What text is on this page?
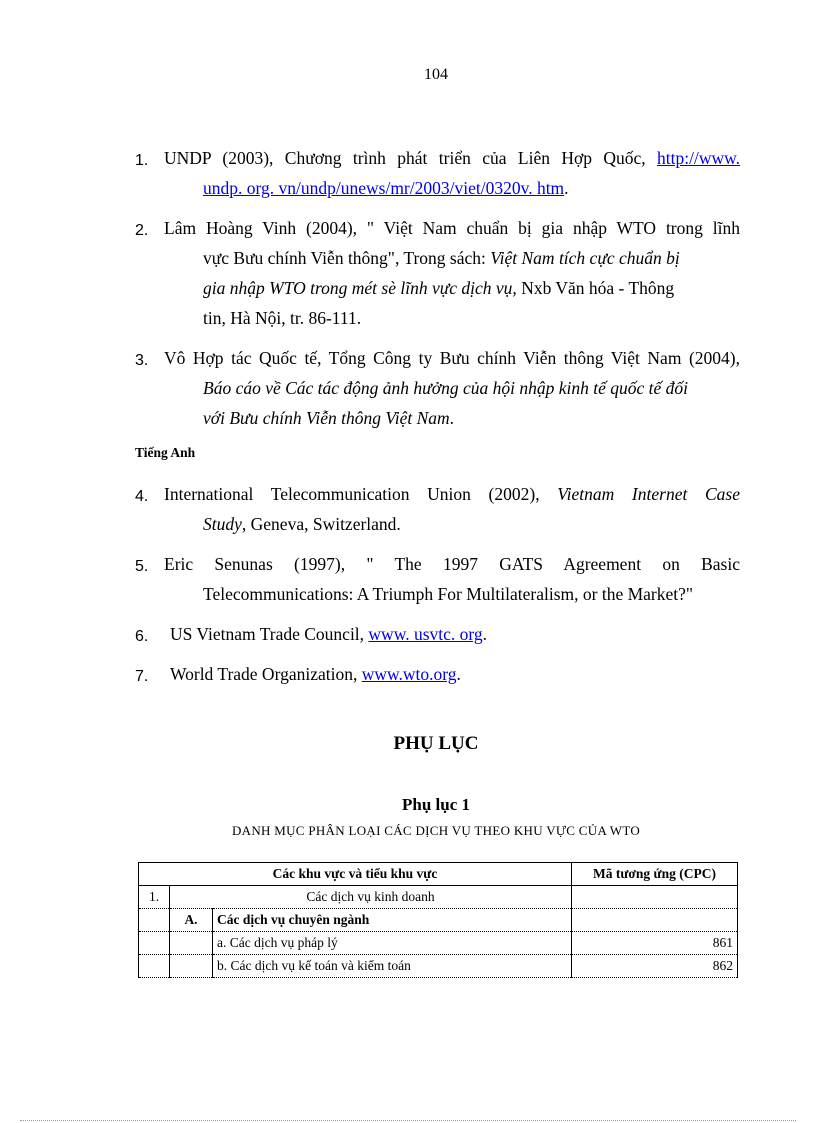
104
1. UNDP (2003), Chương trình phát triển của Liên Hợp Quốc, http://www.
undp. org. vn/undp/unews/mr/2003/viet/0320v. htm.
2. Lâm Hoàng Vinh (2004), " Việt Nam chuẩn bị gia nhập WTO trong lĩnh
vực Bưu chính Viễn thông", Trong sách: Việt Nam tích cực chuẩn bị
gia nhập WTO trong mét sè lĩnh vực dịch vụ, Nxb Văn hóa - Thông
tin, Hà Nội, tr. 86-111.
3. Vô Hợp tác Quốc tế, Tổng Công ty Bưu chính Viễn thông Việt Nam (2004),
Báo cáo về Các tác động ảnh hưởng của hội nhập kinh tế quốc tế đối
với Bưu chính Viễn thông Việt Nam.
Tiếng Anh
4. International Telecommunication Union (2002), Vietnam Internet Case
Study, Geneva, Switzerland.
5. Eric Senunas (1997), " The 1997 GATS Agreement on Basic
Telecommunications: A Triumph For Multilateralism, or the Market?"
6.	US Vietnam Trade Council, www. usvtc. org.
7.	World Trade Organization, www.wto.org.
PHỤ LỤC
Phụ lục 1
DANH MỤC PHÂN LOẠI CÁC DỊCH VỤ THEO KHU VỰC CỦA WTO
Các khu vực và tiểu khu vực			Mã tương ứng (CPC)
1.	Các dịch vụ kinh doanh		
	A.	Các dịch vụ chuyên ngành	
		a. Các dịch vụ pháp lý	861
		b. Các dịch vụ kế toán và kiểm toán	862
